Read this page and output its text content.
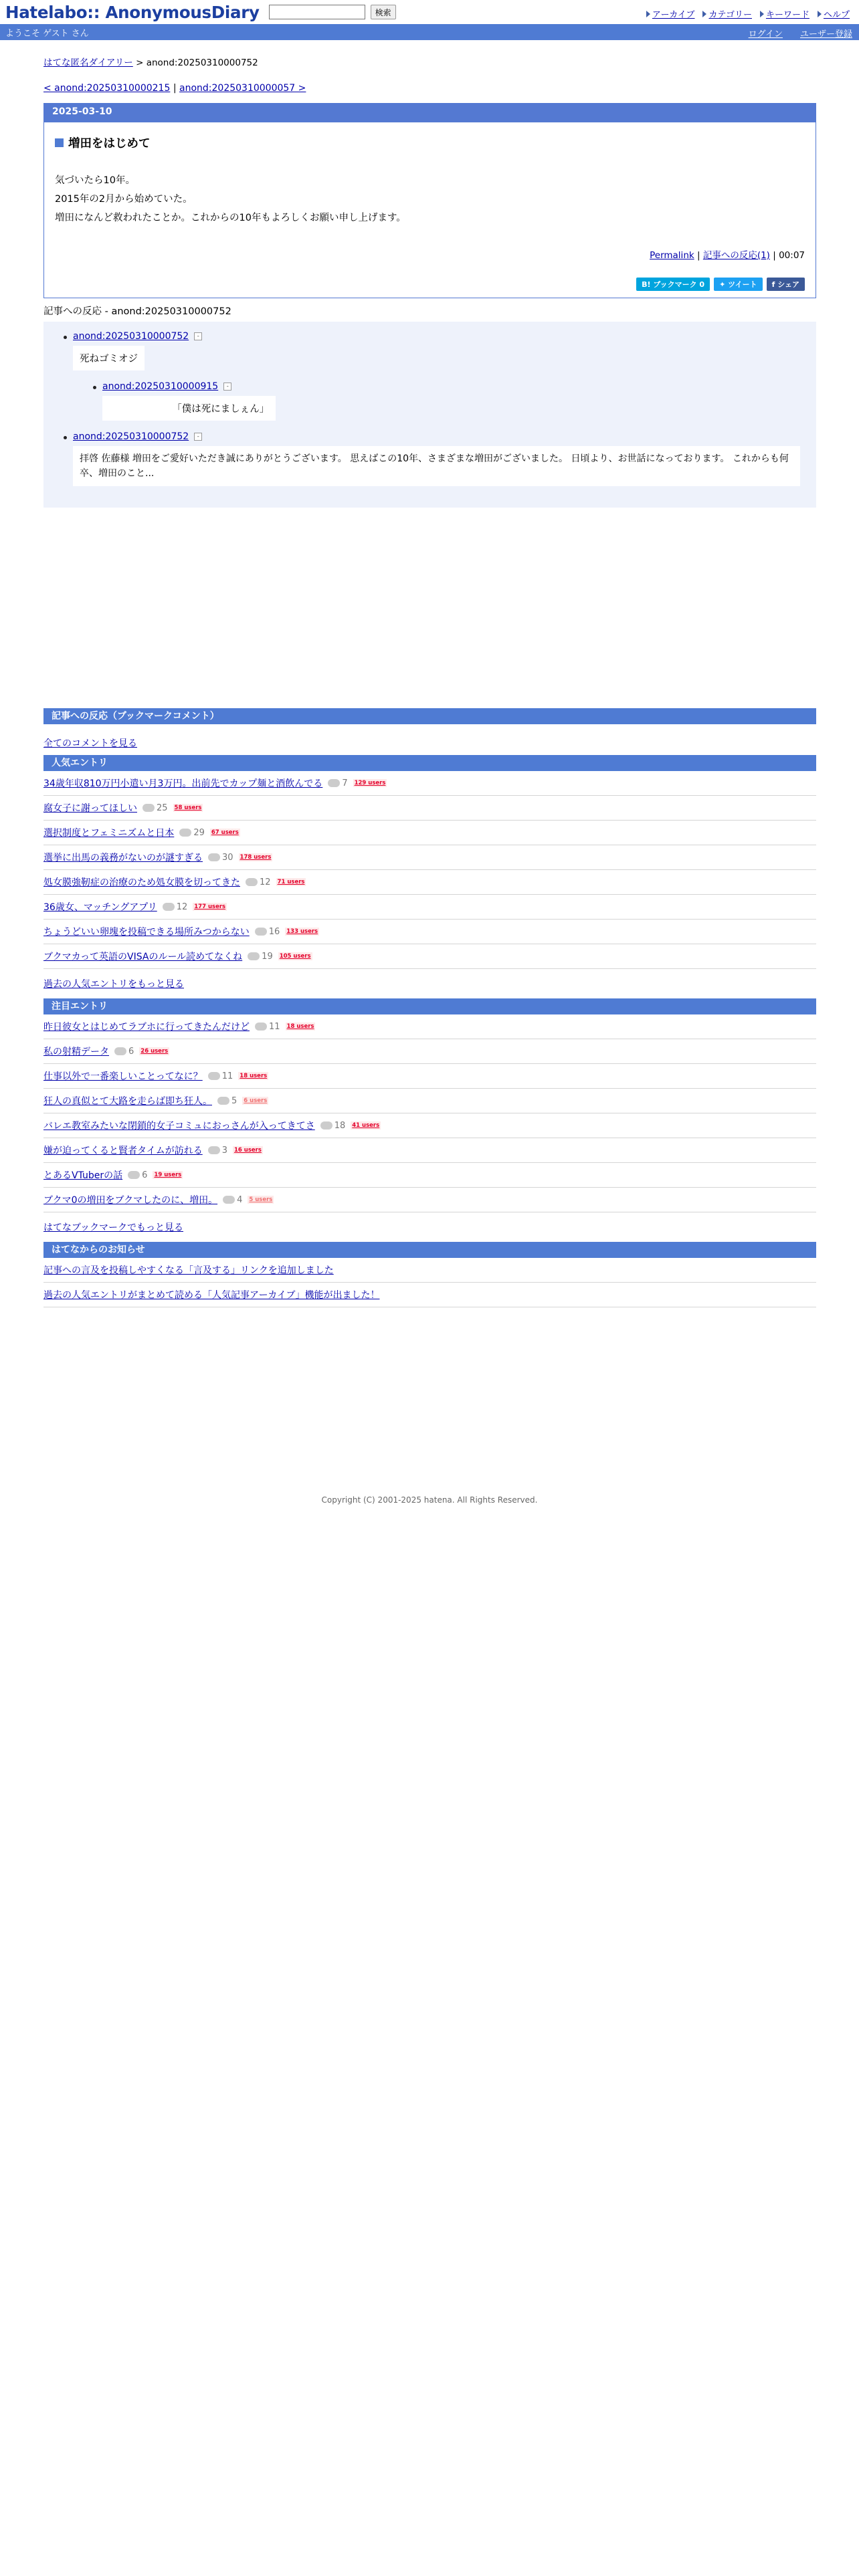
Hatelabo:: AnonymousDiary	検索	アーカイブ カテゴリー キーワード ヘルプ
ようこそ ゲスト さん	ログイン ユーザー登録
はてな匿名ダイアリー > anond:20250310000752
< anond:20250310000215 | anond:20250310000057 >
2025-03-10
増田をはじめて
気づいたら10年。
2015年の2月から始めていた。
増田になんど救われたことか。これからの10年もよろしくお願い申し上げます。
Permalink | 記事への反応(1) | 00:07
B! ブックマーク 0 ✦ ツイート f シェア
記事への反応 - anond:20250310000752
anond:20250310000752 -
死ねゴミオジ
anond:20250310000915 -
　　　　　　　「僕は死にましぇん」
anond:20250310000752 -
拝啓 佐藤様 増田をご愛好いただき誠にありがとうございます。 思えばこの10年、さまざまな増田がございました。 日頃より、お世話になっております。 これからも何卒、増田のこと...
記事への反応（ブックマークコメント）
全てのコメントを見る
人気エントリ
34歳年収810万円小遣い月3万円。出前先でカップ麺と酒飲んでる 7 129 users
腐女子に謝ってほしい 25 58 users
選択制度とフェミニズムと日本 29 67 users
選挙に出馬の義務がないのが謎すぎる 30 178 users
処女膜強靭症の治療のため処女膜を切ってきた 12 71 users
36歳女、マッチングアプリ 12 177 users
ちょうどいい卵塊を投稿できる場所みつからない 16 133 users
ブクマカって英語のVISAのルール読めてなくね 19 105 users
過去の人気エントリをもっと見る
注目エントリ
昨日彼女とはじめてラブホに行ってきたんだけど 11 18 users
私の射精データ 6 26 users
仕事以外で一番楽しいことってなに？ 11 18 users
狂人の真似とて大路を走らば即ち狂人。 5 6 users
バレエ教室みたいな閉鎖的女子コミュにおっさんが入ってきてさ 18 41 users
嫌が迫ってくると賢者タイムが訪れる 3 16 users
とあるVTuberの話 6 19 users
ブクマ0の増田をブクマしたのに、増田。 4 5 users
はてなブックマークでもっと見る
はてなからのお知らせ
記事への言及を投稿しやすくなる「言及する」リンクを追加しました
過去の人気エントリがまとめて読める「人気記事アーカイブ」機能が出ました！
Copyright (C) 2001-2025 hatena. All Rights Reserved.
